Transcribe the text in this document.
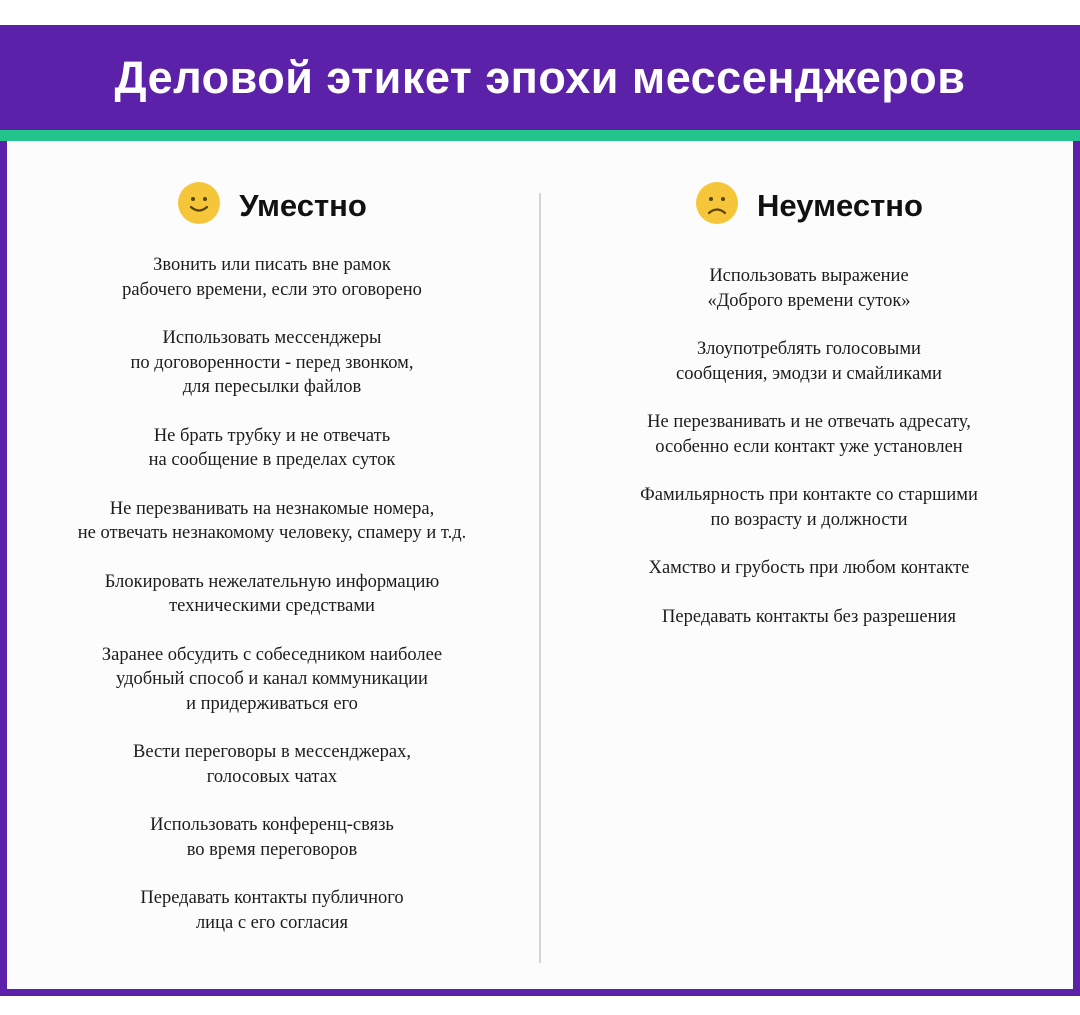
Деловой этикет эпохи мессенджеров
Уместно
Звонить или писать вне рамок
рабочего времени, если это оговорено
Использовать мессенджеры
по договоренности - перед звонком,
для пересылки файлов
Не брать трубку и не отвечать
на сообщение в пределах суток
Не перезванивать на незнакомые номера,
не отвечать незнакомому человеку, спамеру и т.д.
Блокировать нежелательную информацию
техническими средствами
Заранее обсудить с собеседником наиболее
удобный способ и канал коммуникации
и придерживаться его
Вести переговоры в мессенджерах,
голосовых чатах
Использовать конференц-связь
во время переговоров
Передавать контакты публичного
лица с его согласия
Неуместно
Использовать выражение
«Доброго времени суток»
Злоупотреблять голосовыми
сообщения, эмодзи и смайликами
Не перезванивать и не отвечать адресату,
особенно если контакт уже установлен
Фамильярность при контакте со старшими
по возрасту и должности
Хамство и грубость при любом контакте
Передавать контакты без разрешения
